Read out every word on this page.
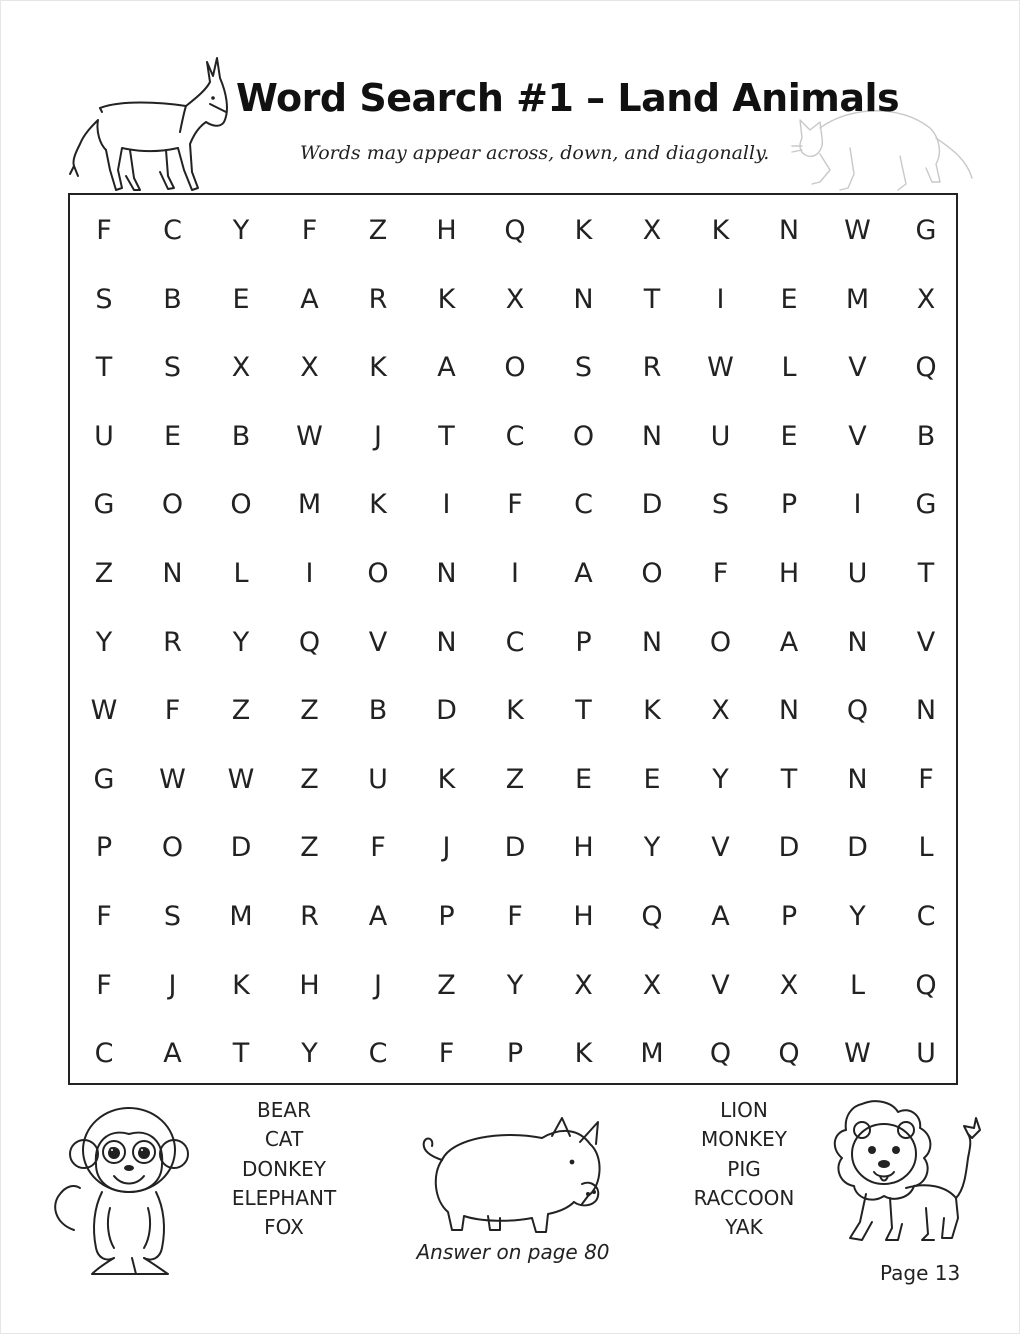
Word Search #1 – Land Animals
Words may appear across, down, and diagonally.
F	C	Y	F	Z	H	Q	K	X	K	N	W	G
S	B	E	A	R	K	X	N	T	I	E	M	X
T	S	X	X	K	A	O	S	R	W	L	V	Q
U	E	B	W	J	T	C	O	N	U	E	V	B
G	O	O	M	K	I	F	C	D	S	P	I	G
Z	N	L	I	O	N	I	A	O	F	H	U	T
Y	R	Y	Q	V	N	C	P	N	O	A	N	V
W	F	Z	Z	B	D	K	T	K	X	N	Q	N
G	W	W	Z	U	K	Z	E	E	Y	T	N	F
P	O	D	Z	F	J	D	H	Y	V	D	D	L
F	S	M	R	A	P	F	H	Q	A	P	Y	C
F	J	K	H	J	Z	Y	X	X	V	X	L	Q
C	A	T	Y	C	F	P	K	M	Q	Q	W	U
BEAR
CAT
DONKEY
ELEPHANT
FOX
Answer on page 80
LION
MONKEY
PIG
RACCOON
YAK
Page 13
